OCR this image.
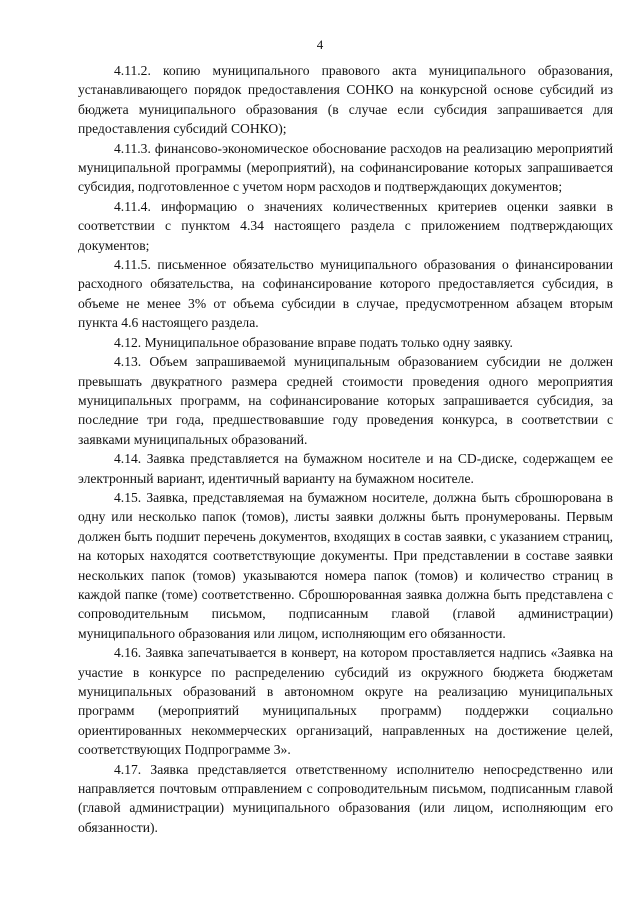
4

4.11.2. копию муниципального правового акта муниципального образования, устанавливающего порядок предоставления СОНКО на конкурсной основе субсидий из бюджета муниципального образования (в случае если субсидия запрашивается для предоставления субсидий СОНКО);

4.11.3. финансово-экономическое обоснование расходов на реализацию мероприятий муниципальной программы (мероприятий), на софинансирование которых запрашивается субсидия, подготовленное с учетом норм расходов и подтверждающих документов;

4.11.4. информацию о значениях количественных критериев оценки заявки в соответствии с пунктом 4.34 настоящего раздела с приложением подтверждающих документов;

4.11.5. письменное обязательство муниципального образования о финансировании расходного обязательства, на софинансирование которого предоставляется субсидия, в объеме не менее 3% от объема субсидии в случае, предусмотренном абзацем вторым пункта 4.6 настоящего раздела.

4.12. Муниципальное образование вправе подать только одну заявку.

4.13. Объем запрашиваемой муниципальным образованием субсидии не должен превышать двукратного размера средней стоимости проведения одного мероприятия муниципальных программ, на софинансирование которых запрашивается субсидия, за последние три года, предшествовавшие году проведения конкурса, в соответствии с заявками муниципальных образований.

4.14. Заявка представляется на бумажном носителе и на CD-диске, содержащем ее электронный вариант, идентичный варианту на бумажном носителе.

4.15. Заявка, представляемая на бумажном носителе, должна быть сброшюрована в одну или несколько папок (томов), листы заявки должны быть пронумерованы. Первым должен быть подшит перечень документов, входящих в состав заявки, с указанием страниц, на которых находятся соответствующие документы. При представлении в составе заявки нескольких папок (томов) указываются номера папок (томов) и количество страниц в каждой папке (томе) соответственно. Сброшюрованная заявка должна быть представлена с сопроводительным письмом, подписанным главой (главой администрации) муниципального образования или лицом, исполняющим его обязанности.

4.16. Заявка запечатывается в конверт, на котором проставляется надпись «Заявка на участие в конкурсе по распределению субсидий из окружного бюджета бюджетам муниципальных образований в автономном округе на реализацию муниципальных программ (мероприятий муниципальных программ) поддержки социально ориентированных некоммерческих организаций, направленных на достижение целей, соответствующих Подпрограмме 3».

4.17. Заявка представляется ответственному исполнителю непосредственно или направляется почтовым отправлением с сопроводительным письмом, подписанным главой (главой администрации) муниципального образования (или лицом, исполняющим его обязанности).
